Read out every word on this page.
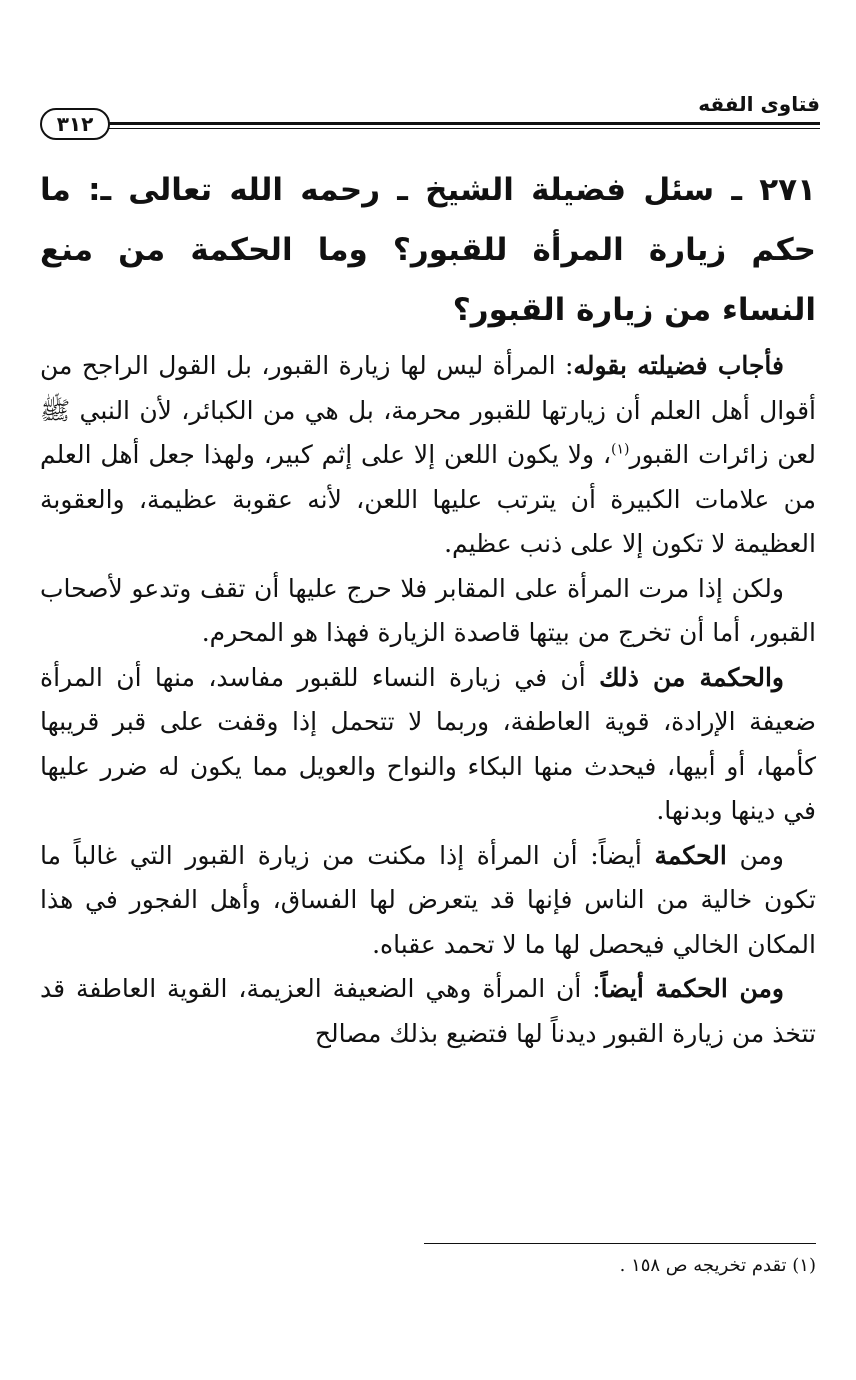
فتاوى الفقه
٣١٢

٢٧١ ـ سئل فضيلة الشيخ ـ رحمه الله تعالى ـ: ما حكم زيارة المرأة للقبور؟ وما الحكمة من منع النساء من زيارة القبور؟

فأجاب فضيلته بقوله: المرأة ليس لها زيارة القبور، بل القول الراجح من أقوال أهل العلم أن زيارتها للقبور محرمة، بل هي من الكبائر، لأن النبي ﷺ لعن زائرات القبور$^{(١)}$، ولا يكون اللعن إلا على إثم كبير، ولهذا جعل أهل العلم من علامات الكبيرة أن يترتب عليها اللعن، لأنه عقوبة عظيمة، والعقوبة العظيمة لا تكون إلا على ذنب عظيم.

ولكن إذا مرت المرأة على المقابر فلا حرج عليها أن تقف وتدعو لأصحاب القبور، أما أن تخرج من بيتها قاصدة الزيارة فهذا هو المحرم.

والحكمة من ذلك أن في زيارة النساء للقبور مفاسد، منها أن المرأة ضعيفة الإرادة، قوية العاطفة، وربما لا تتحمل إذا وقفت على قبر قريبها كأمها، أو أبيها، فيحدث منها البكاء والنواح والعويل مما يكون له ضرر عليها في دينها وبدنها.

ومن الحكمة أيضاً: أن المرأة إذا مكنت من زيارة القبور التي غالباً ما تكون خالية من الناس فإنها قد يتعرض لها الفساق، وأهل الفجور في هذا المكان الخالي فيحصل لها ما لا تحمد عقباه.

ومن الحكمة أيضاً: أن المرأة وهي الضعيفة العزيمة، القوية العاطفة قد تتخذ من زيارة القبور ديدناً لها فتضيع بذلك مصالح

(١) تقدم تخريجه ص ١٥٨ .
